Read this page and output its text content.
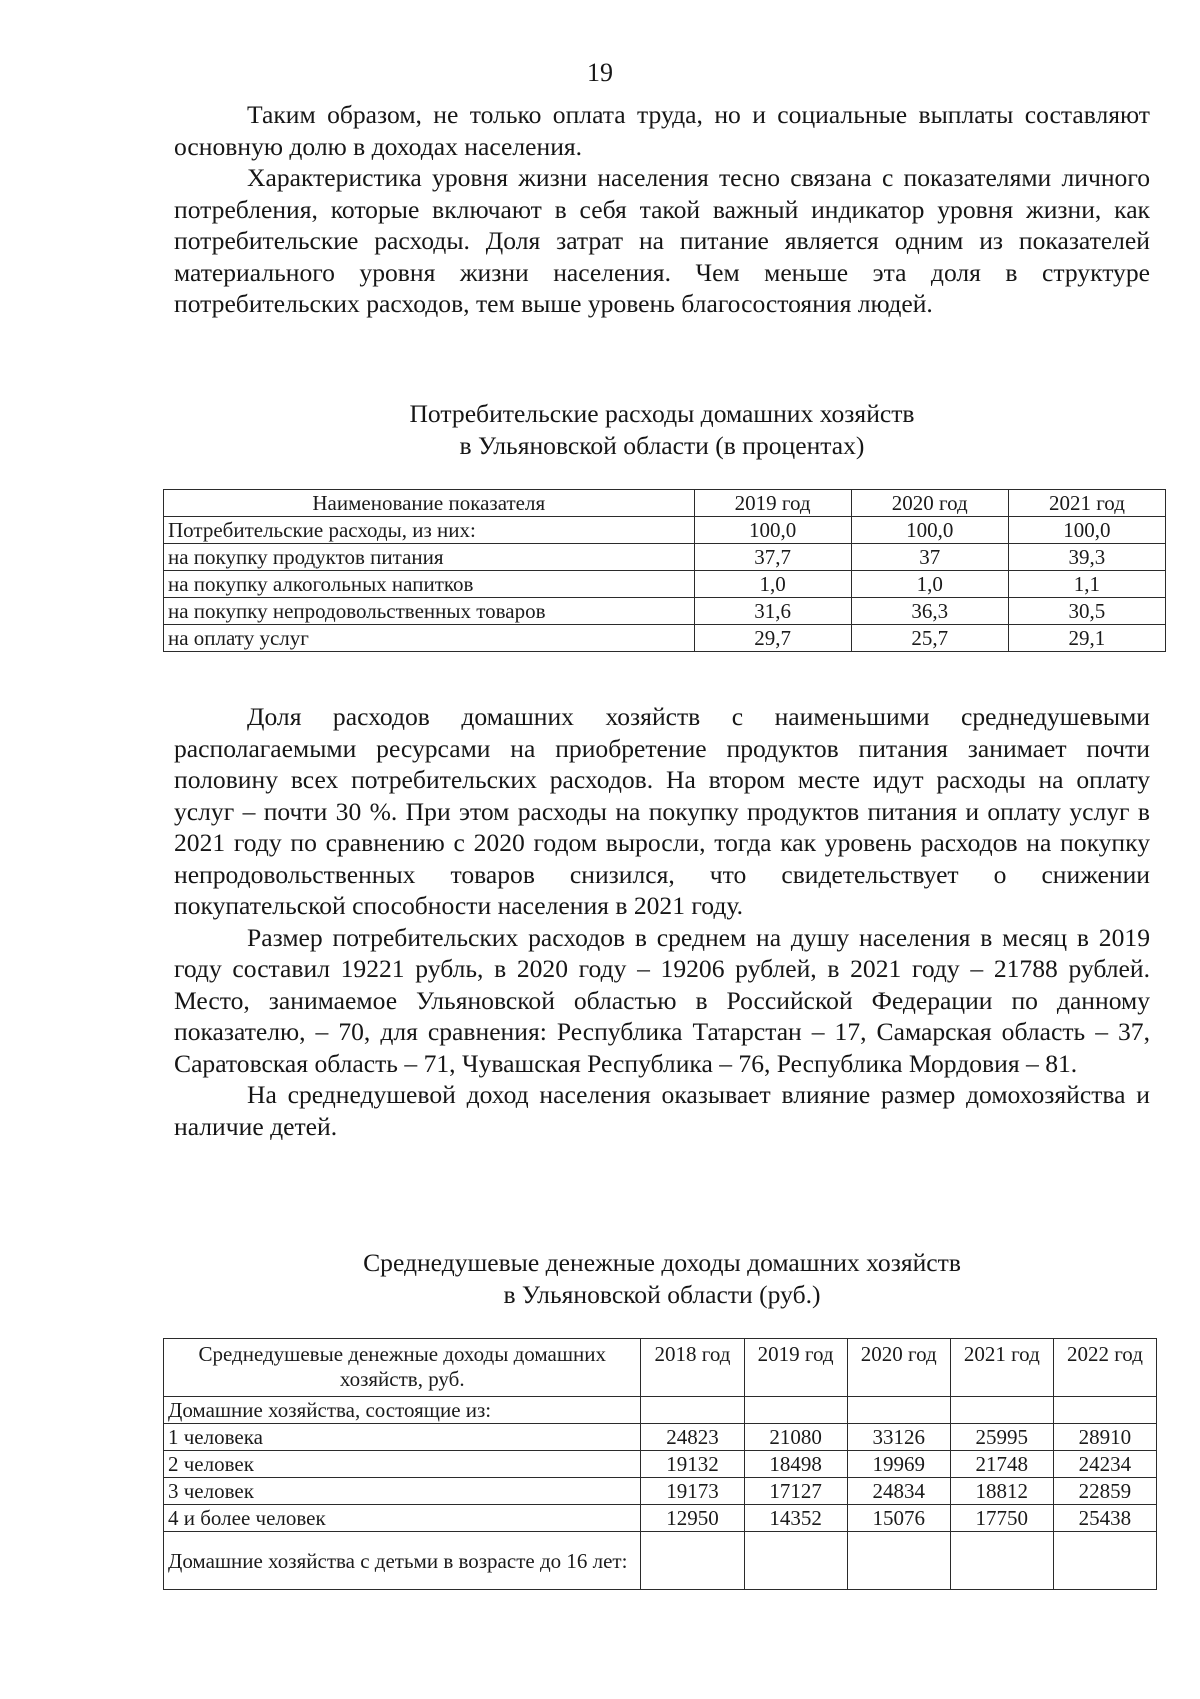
19

Таким образом, не только оплата труда, но и социальные выплаты составляют основную долю в доходах населения.

Характеристика уровня жизни населения тесно связана с показателями личного потребления, которые включают в себя такой важный индикатор уровня жизни, как потребительские расходы. Доля затрат на питание является одним из показателей материального уровня жизни населения. Чем меньше эта доля в структуре потребительских расходов, тем выше уровень благосостояния людей.

Потребительские расходы домашних хозяйств
в Ульяновской области (в процентах)
Наименование показателя	2019 год	2020 год	2021 год
Потребительские расходы, из них:	100,0	100,0	100,0
на покупку продуктов питания	37,7	37	39,3
на покупку алкогольных напитков	1,0	1,0	1,1
на покупку непродовольственных товаров	31,6	36,3	30,5
на оплату услуг	29,7	25,7	29,1

Доля расходов домашних хозяйств с наименьшими среднедушевыми располагаемыми ресурсами на приобретение продуктов питания занимает почти половину всех потребительских расходов. На втором месте идут расходы на оплату услуг – почти 30 %. При этом расходы на покупку продуктов питания и оплату услуг в 2021 году по сравнению с 2020 годом выросли, тогда как уровень расходов на покупку непродовольственных товаров снизился, что свидетельствует о снижении покупательской способности населения в 2021 году.

Размер потребительских расходов в среднем на душу населения в месяц в 2019 году составил 19221 рубль, в 2020 году – 19206 рублей, в 2021 году – 21788 рублей. Место, занимаемое Ульяновской областью в Российской Федерации по данному показателю, – 70, для сравнения: Республика Татарстан – 17, Самарская область – 37, Саратовская область – 71, Чувашская Республика – 76, Республика Мордовия – 81.

На среднедушевой доход населения оказывает влияние размер домохозяйства и наличие детей.

Среднедушевые денежные доходы домашних хозяйств
в Ульяновской области (руб.)
Среднедушевые денежные доходы домашних хозяйств, руб.	2018 год	2019 год	2020 год	2021 год	2022 год
Домашние хозяйства, состоящие из:					
1 человека	24823	21080	33126	25995	28910
2 человек	19132	18498	19969	21748	24234
3 человек	19173	17127	24834	18812	22859
4 и более человек	12950	14352	15076	17750	25438
Домашние хозяйства с детьми в возрасте до 16 лет:					
